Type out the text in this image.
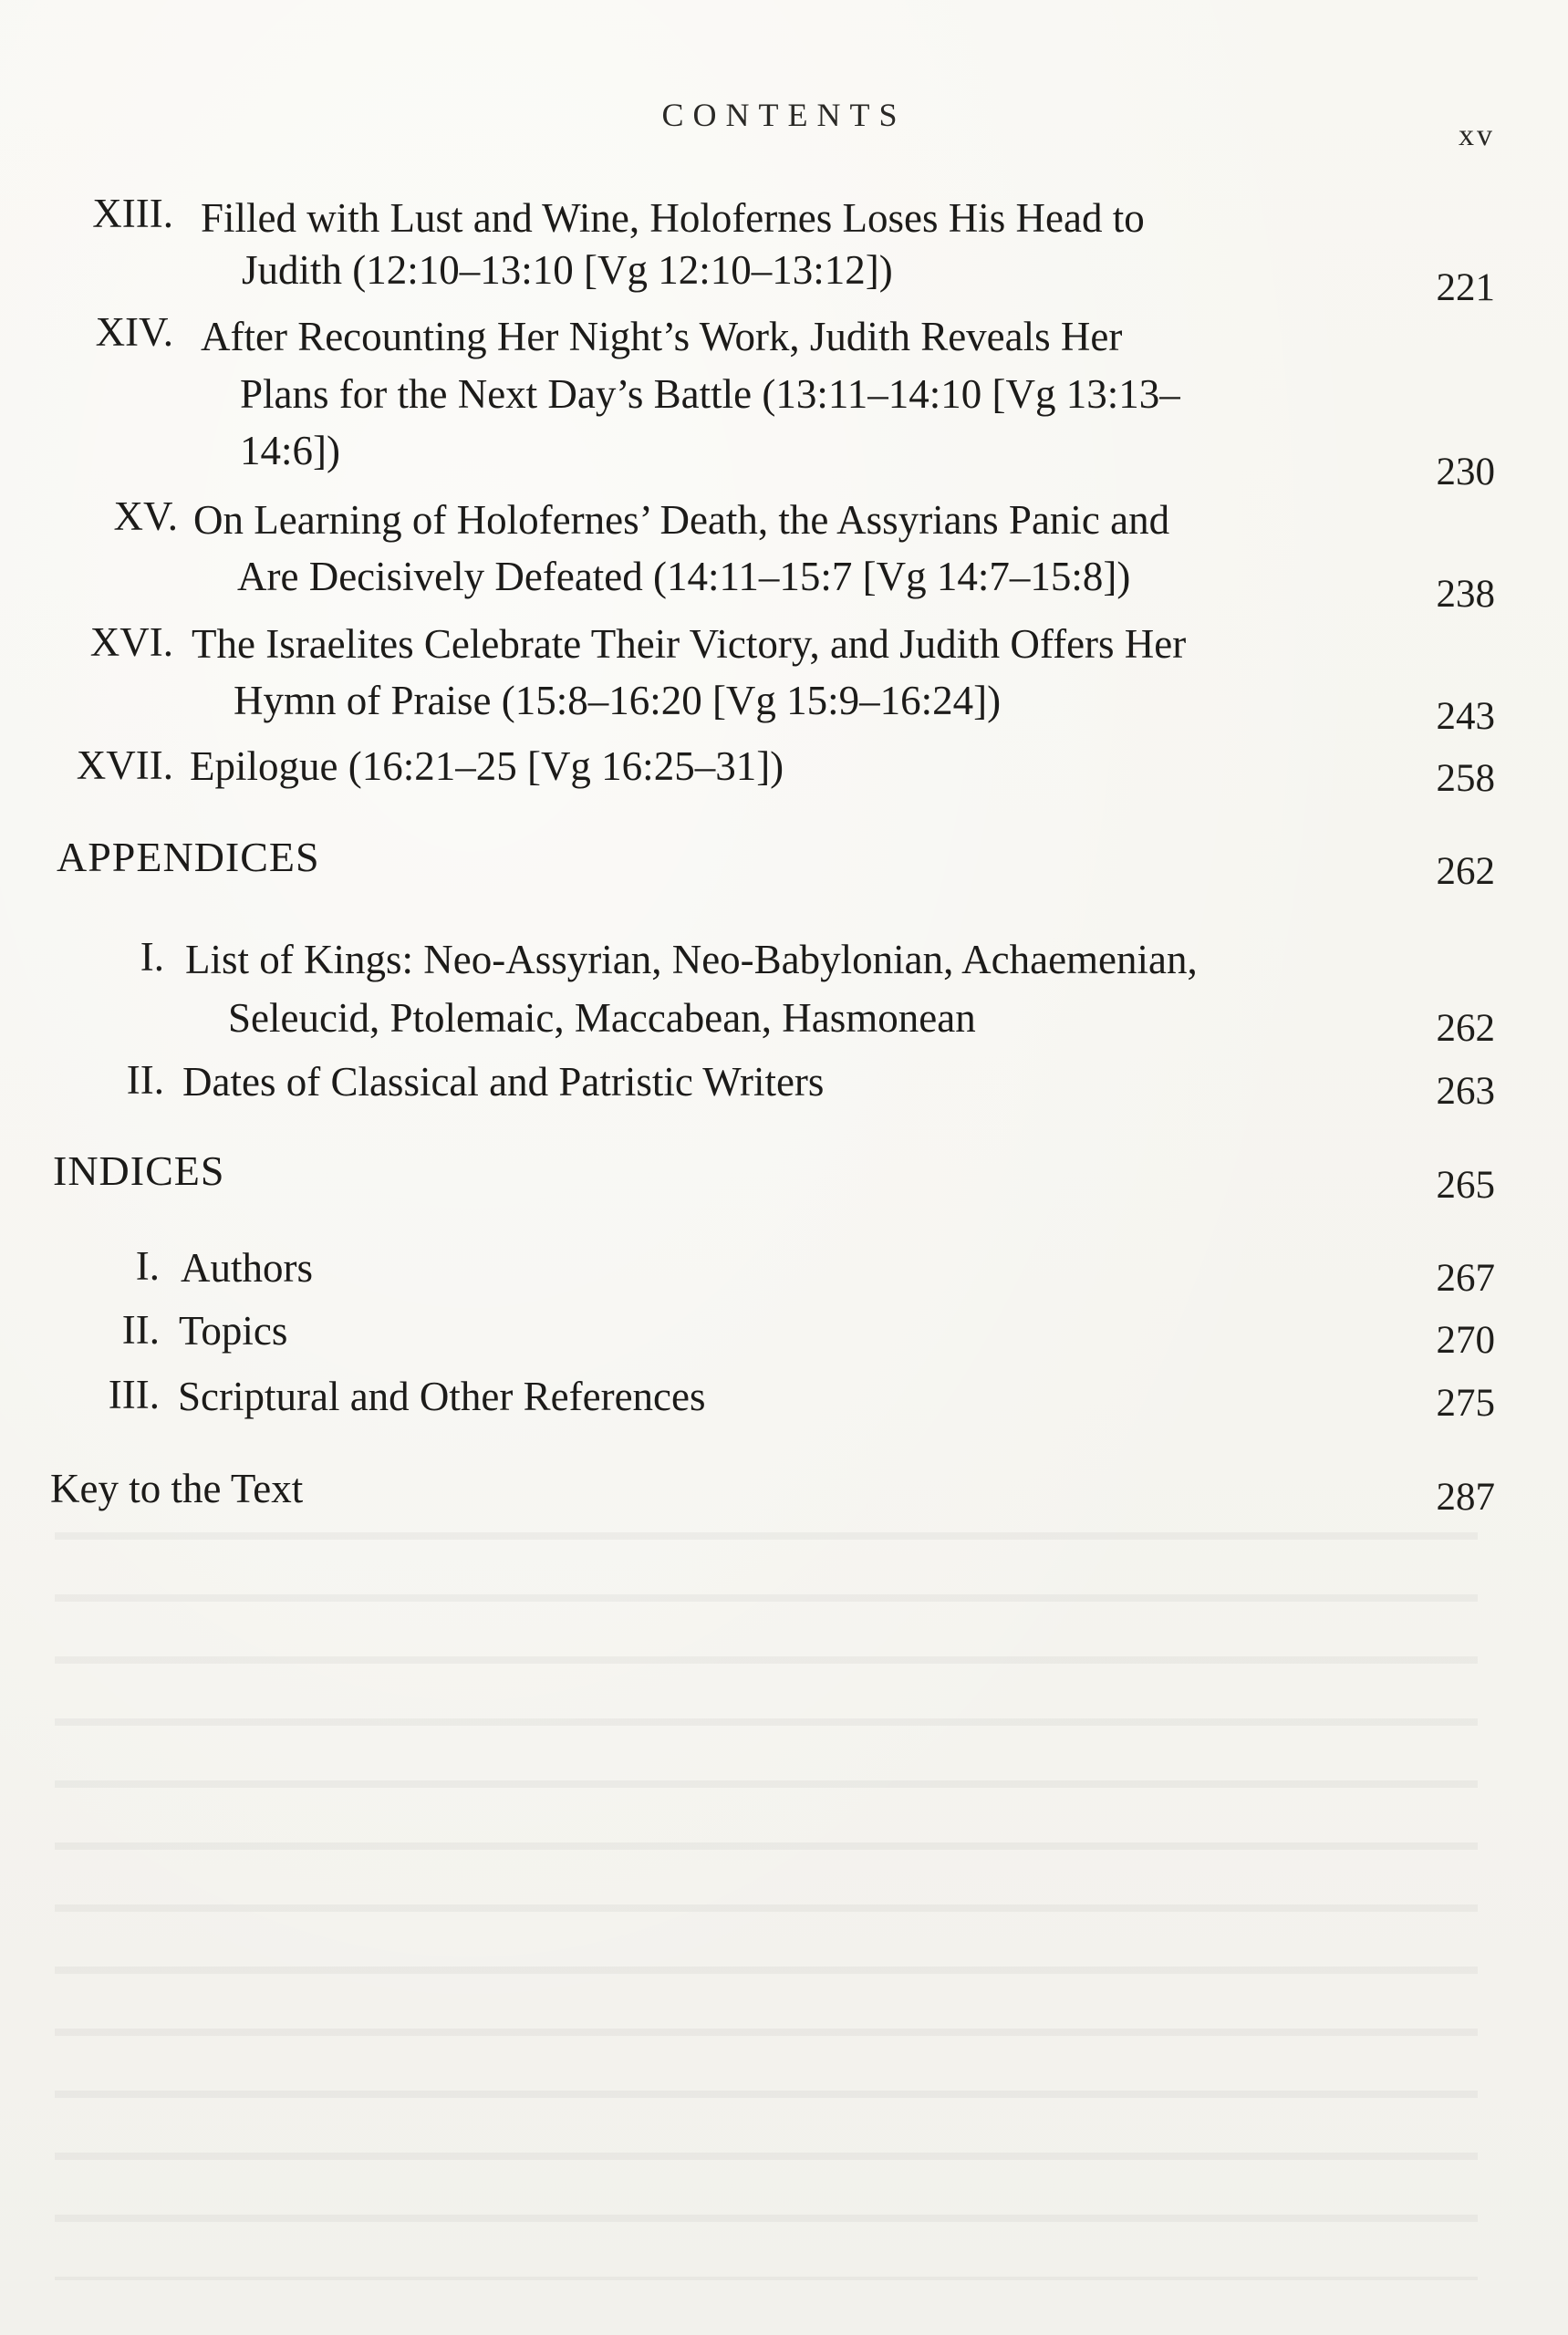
CONTENTS
xv
XIII. Filled with Lust and Wine, Holofernes Loses His Head to
Judith (12:10–13:10 [Vg 12:10–13:12])	221
XIV. After Recounting Her Night’s Work, Judith Reveals Her
Plans for the Next Day’s Battle (13:11–14:10 [Vg 13:13–
14:6])	230
XV. On Learning of Holofernes’ Death, the Assyrians Panic and
Are Decisively Defeated (14:11–15:7 [Vg 14:7–15:8])	238
XVI. The Israelites Celebrate Their Victory, and Judith Offers Her
Hymn of Praise (15:8–16:20 [Vg 15:9–16:24])	243
XVII. Epilogue (16:21–25 [Vg 16:25–31])	258
APPENDICES	262
I. List of Kings: Neo-Assyrian, Neo-Babylonian, Achaemenian,
Seleucid, Ptolemaic, Maccabean, Hasmonean	262
II. Dates of Classical and Patristic Writers	263
INDICES	265
I. Authors	267
II. Topics	270
III. Scriptural and Other References	275
Key to the Text	287
